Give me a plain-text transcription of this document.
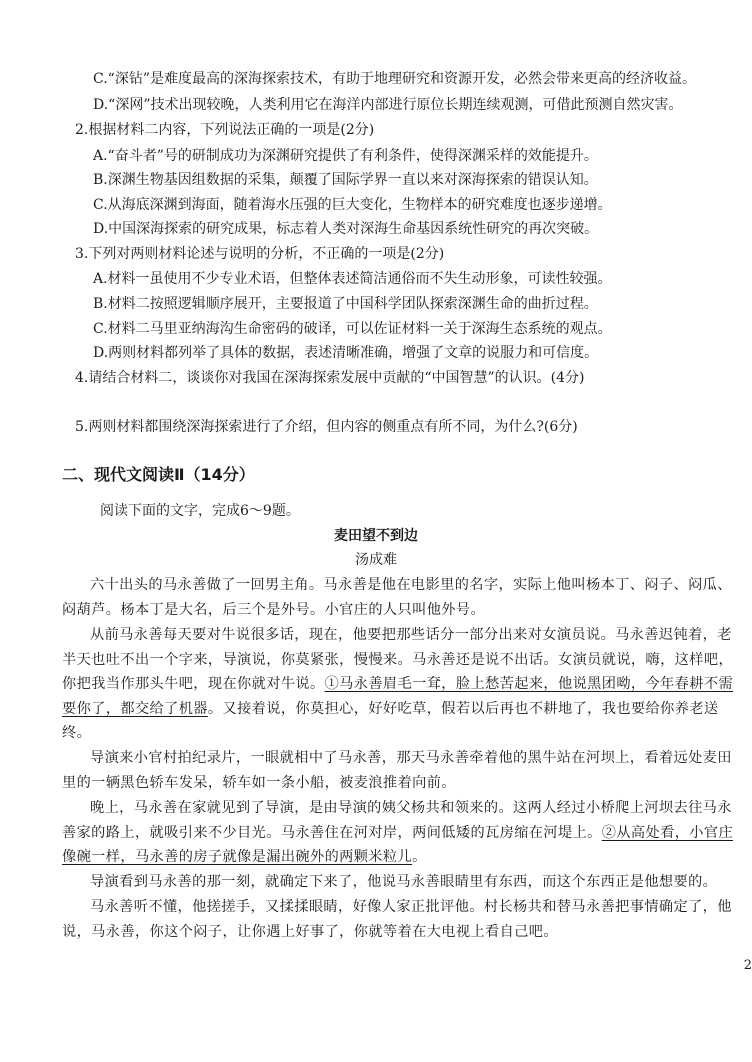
C.“深钻”是难度最高的深海探索技术，有助于地理研究和资源开发，必然会带来更高的经济收益。
D.“深网”技术出现较晚，人类利用它在海洋内部进行原位长期连续观测，可借此预测自然灾害。
2.根据材料二内容，下列说法正确的一项是(2分)
A.“奋斗者”号的研制成功为深渊研究提供了有利条件，使得深渊采样的效能提升。
B.深渊生物基因组数据的采集，颠覆了国际学界一直以来对深海探索的错误认知。
C.从海底深渊到海面，随着海水压强的巨大变化，生物样本的研究难度也逐步递增。
D.中国深海探索的研究成果，标志着人类对深海生命基因系统性研究的再次突破。
3.下列对两则材料论述与说明的分析，不正确的一项是(2分)
A.材料一虽使用不少专业术语，但整体表述简洁通俗而不失生动形象，可读性较强。
B.材料二按照逻辑顺序展开，主要报道了中国科学团队探索深渊生命的曲折过程。
C.材料二马里亚纳海沟生命密码的破译，可以佐证材料一关于深海生态系统的观点。
D.两则材料都列举了具体的数据，表述清晰准确，增强了文章的说服力和可信度。
4.请结合材料二，谈谈你对我国在深海探索发展中贡献的“中国智慧”的认识。(4分)
5.两则材料都围绕深海探索进行了介绍，但内容的侧重点有所不同，为什么?(6分)
二、现代文阅读Ⅱ（14分）
阅读下面的文字，完成6～9题。
麦田望不到边
汤成难
六十出头的马永善做了一回男主角。马永善是他在电影里的名字，实际上他叫杨本丁、闷子、闷瓜、闷葫芦。杨本丁是大名，后三个是外号。小官庄的人只叫他外号。
从前马永善每天要对牛说很多话，现在，他要把那些话分一部分出来对女演员说。马永善迟钝着，老半天也吐不出一个字来，导演说，你莫紧张，慢慢来。马永善还是说不出话。女演员就说，嗨，这样吧，你把我当作那头牛吧，现在你就对牛说。①马永善眉毛一耷，脸上愁苦起来，他说黑团呦，今年春耕不需要你了，都交给了机器。又接着说，你莫担心，好好吃草，假若以后再也不耕地了，我也要给你养老送终。
导演来小官村拍纪录片，一眼就相中了马永善，那天马永善牵着他的黑牛站在河坝上，看着远处麦田里的一辆黑色轿车发呆，轿车如一条小船，被麦浪推着向前。
晚上，马永善在家就见到了导演，是由导演的姨父杨共和领来的。这两人经过小桥爬上河坝去往马永善家的路上，就吸引来不少目光。马永善住在河对岸，两间低矮的瓦房缩在河堤上。②从高处看，小官庄像碗一样，马永善的房子就像是漏出碗外的两颗米粒儿。
导演看到马永善的那一刻，就确定下来了，他说马永善眼睛里有东西，而这个东西正是他想要的。
马永善听不懂，他搓搓手，又揉揉眼睛，好像人家正批评他。村长杨共和替马永善把事情确定了，他说，马永善，你这个闷子，让你遇上好事了，你就等着在大电视上看自己吧。
2
